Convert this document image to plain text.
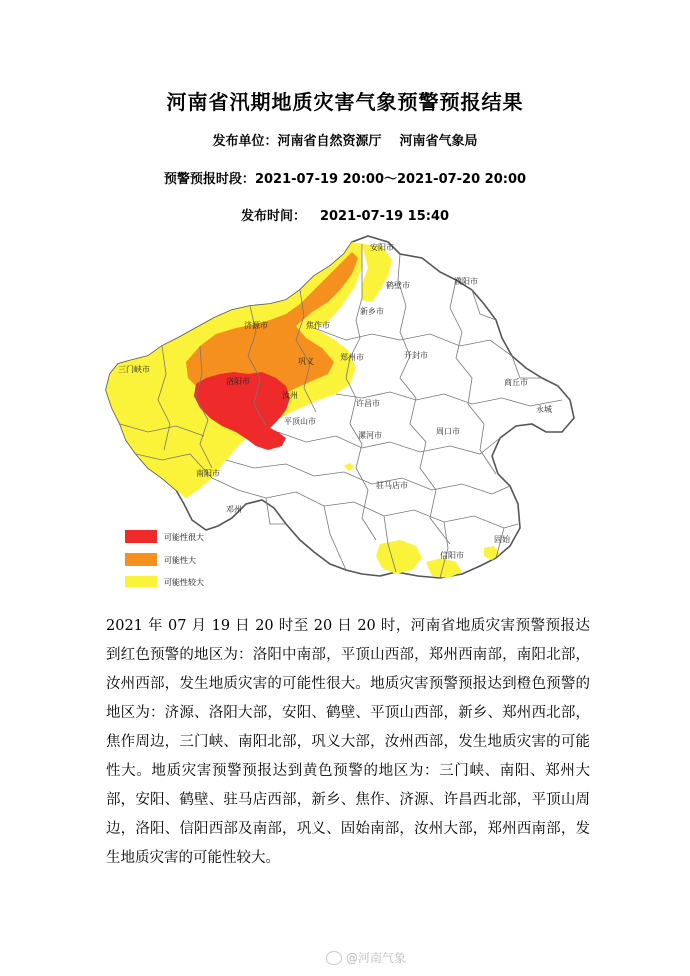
河南省汛期地质灾害气象预警预报结果
发布单位：河南省自然资源厅 河南省气象局
预警预报时段：2021-07-19 20:00～2021-07-20 20:00
发布时间： 2021-07-19 15:40
安阳市
鹤壁市	濮阳市
新乡市
济源市	焦作市
三门峡市
洛阳市
巩义	郑州市	开封市
商丘市
汝州
平顶山市
许昌市
漯河市	周口市
永城
南阳市
驻马店市
信阳市
邓州
固始
可能性很大
可能性大
可能性较大
2021 年 07 月 19 日 20 时至 20 日 20 时，河南省地质灾害预警预报达到红色预警的地区为：洛阳中南部，平顶山西部，郑州西南部，南阳北部，汝州西部，发生地质灾害的可能性很大。地质灾害预警预报达到橙色预警的地区为：济源、洛阳大部，安阳、鹤壁、平顶山西部，新乡、郑州西北部，焦作周边，三门峡、南阳北部，巩义大部，汝州西部，发生地质灾害的可能性大。地质灾害预警预报达到黄色预警的地区为：三门峡、南阳、郑州大部，安阳、鹤壁、驻马店西部，新乡、焦作、济源、许昌西北部，平顶山周边，洛阳、信阳西部及南部，巩义、固始南部，汝州大部，郑州西南部，发生地质灾害的可能性较大。
@河南气象
